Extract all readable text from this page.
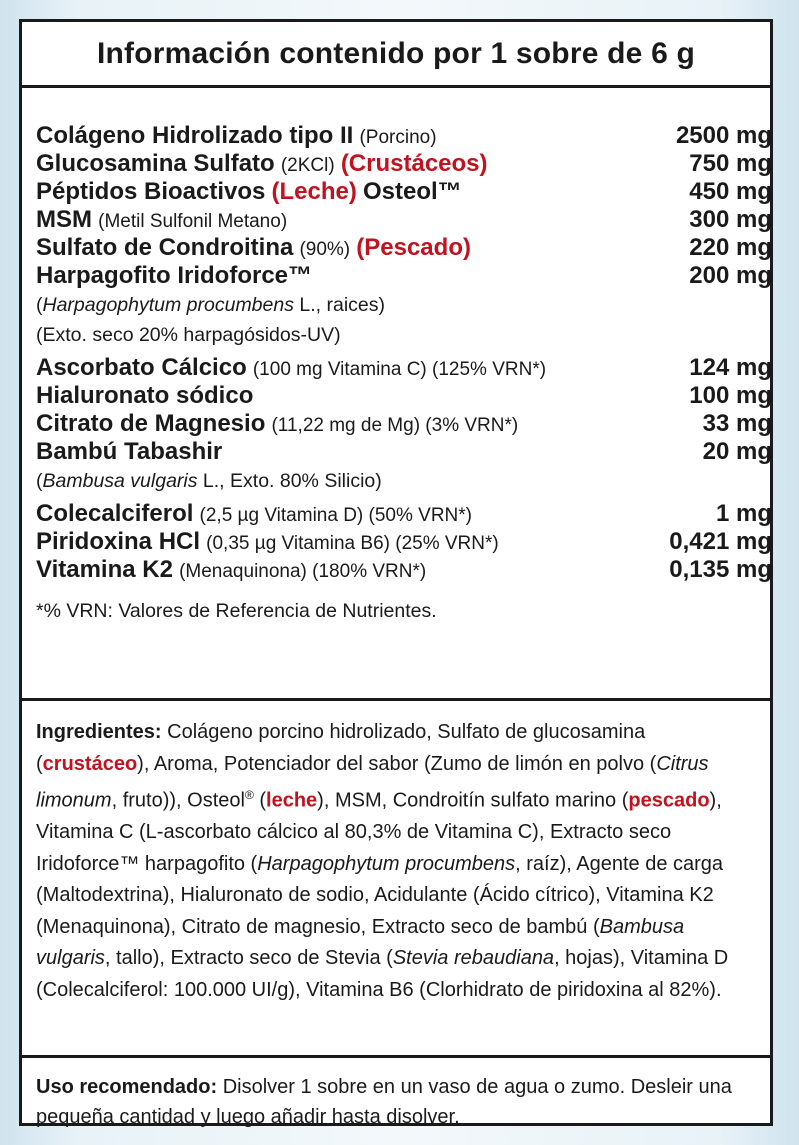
Información contenido por 1 sobre de 6 g
Colágeno Hidrolizado tipo II (Porcino)	2500 mg
Glucosamina Sulfato (2KCl) (Crustáceos)	750 mg
Péptidos Bioactivos (Leche) Osteol™	450 mg
MSM (Metil Sulfonil Metano)	300 mg
Sulfato de Condroitina (90%) (Pescado)	220 mg
Harpagofito Iridoforce™	200 mg
(Harpagophytum procumbens L., raices)
(Exto. seco 20% harpagósidos-UV)
Ascorbato Cálcico (100 mg Vitamina C) (125% VRN*)	124 mg
Hialuronato sódico	100 mg
Citrato de Magnesio (11,22 mg de Mg) (3% VRN*)	33 mg
Bambú Tabashir	20 mg
(Bambusa vulgaris L., Exto. 80% Silicio)
Colecalciferol (2,5 µg Vitamina D) (50% VRN*)	1 mg
Piridoxina HCl (0,35 µg Vitamina B6) (25% VRN*)	0,421 mg
Vitamina K2 (Menaquinona) (180% VRN*)	0,135 mg
*% VRN: Valores de Referencia de Nutrientes.
Ingredientes: Colágeno porcino hidrolizado, Sulfato de glucosamina (crustáceo), Aroma, Potenciador del sabor (Zumo de limón en polvo (Citrus limonum, fruto)), Osteol® (leche), MSM, Condroitín sulfato marino (pescado), Vitamina C (L-ascorbato cálcico al 80,3% de Vitamina C), Extracto seco Iridoforce™ harpagofito (Harpagophytum procumbens, raíz), Agente de carga (Maltodextrina), Hialuronato de sodio, Acidulante (Ácido cítrico), Vitamina K2 (Menaquinona), Citrato de magnesio, Extracto seco de bambú (Bambusa vulgaris, tallo), Extracto seco de Stevia (Stevia rebaudiana, hojas), Vitamina D (Colecalciferol: 100.000 UI/g), Vitamina B6 (Clorhidrato de piridoxina al 82%).
Uso recomendado: Disolver 1 sobre en un vaso de agua o zumo. Desleir una pequeña cantidad y luego añadir hasta disolver.
